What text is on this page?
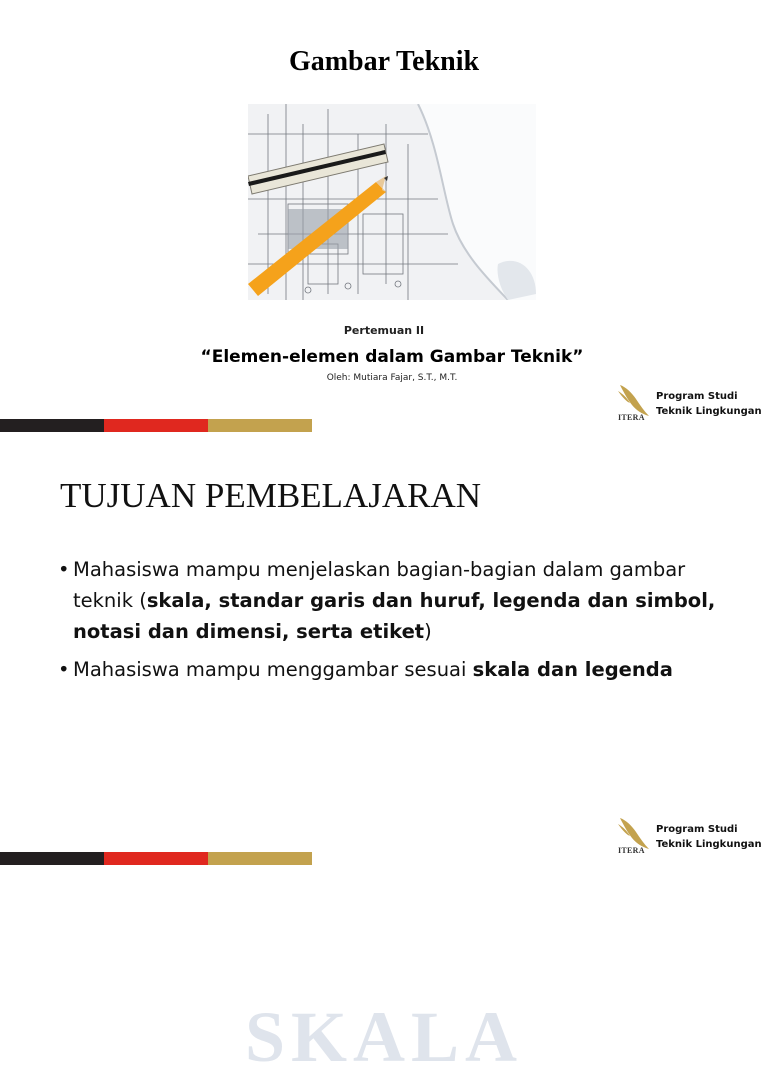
Gambar Teknik
Pertemuan II
“Elemen-elemen dalam Gambar Teknik”
Oleh: Mutiara Fajar, S.T., M.T.
ITERA
Program Studi
Teknik Lingkungan
TUJUAN PEMBELAJARAN
• Mahasiswa mampu menjelaskan bagian-bagian dalam gambar teknik (skala, standar garis dan huruf, legenda dan simbol, notasi dan dimensi, serta etiket)
• Mahasiswa mampu menggambar sesuai skala dan legenda
ITERA
Program Studi
Teknik Lingkungan
SKALA
